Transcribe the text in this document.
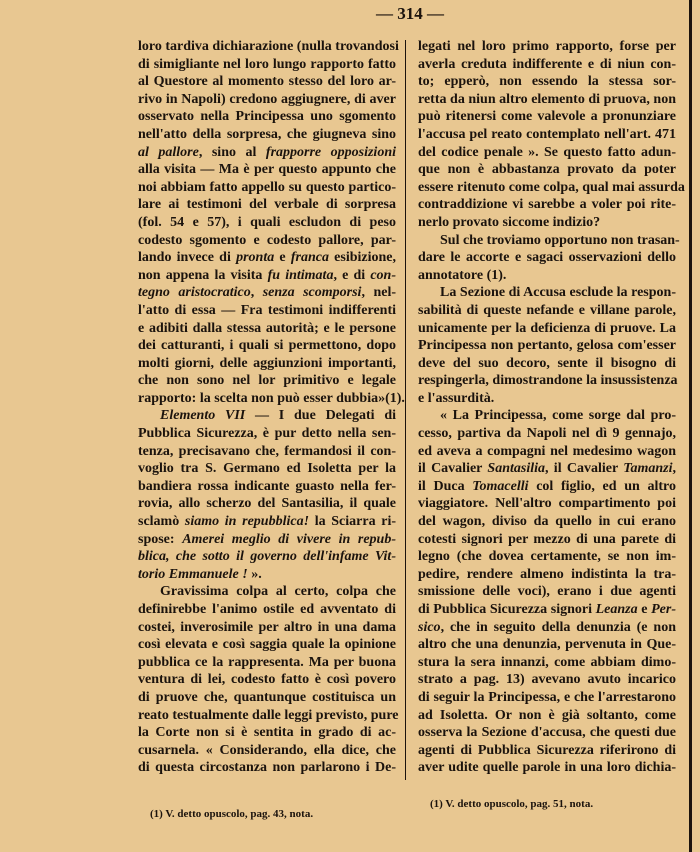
— 314 —
loro tardiva dichiarazione (nulla trovandosi
di simigliante nel loro lungo rapporto fatto
al Questore al momento stesso del loro ar-
rivo in Napoli) credono aggiugnere, di aver
osservato nella Principessa uno sgomento
nell'atto della sorpresa, che giugneva sino
al pallore, sino al frapporre opposizioni
alla visita — Ma è per questo appunto che
noi abbiam fatto appello su questo partico-
lare ai testimoni del verbale di sorpresa
(fol. 54 e 57), i quali escludon di peso
codesto sgomento e codesto pallore, par-
lando invece di pronta e franca esibizione,
non appena la visita fu intimata, e di con-
tegno aristocratico, senza scomporsi, nel-
l'atto di essa — Fra testimoni indifferenti
e adibiti dalla stessa autorità; e le persone
dei catturanti, i quali si permettono, dopo
molti giorni, delle aggiunzioni importanti,
che non sono nel lor primitivo e legale
rapporto: la scelta non può esser dubbia»(1).
Elemento VII — I due Delegati di
Pubblica Sicurezza, è pur detto nella sen-
tenza, precisavano che, fermandosi il con-
voglio tra S. Germano ed Isoletta per la
bandiera rossa indicante guasto nella fer-
rovia, allo scherzo del Santasilia, il quale
sclamò siamo in repubblica! la Sciarra ri-
spose: Amerei meglio di vivere in repub-
blica, che sotto il governo dell'infame Vit-
torio Emmanuele ! ».
Gravissima colpa al certo, colpa che
definirebbe l'animo ostile ed avventato di
costei, inverosimile per altro in una dama
così elevata e così saggia quale la opinione
pubblica ce la rappresenta. Ma per buona
ventura di lei, codesto fatto è così povero
di pruove che, quantunque costituisca un
reato testualmente dalle leggi previsto, pure
la Corte non si è sentita in grado di ac-
cusarnela. « Considerando, ella dice, che
di questa circostanza non parlarono i De-
legati nel loro primo rapporto, forse per
averla creduta indifferente e di niun con-
to; epperò, non essendo la stessa sor-
retta da niun altro elemento di pruova, non
può ritenersi come valevole a pronunziare
l'accusa pel reato contemplato nell'art. 471
del codice penale ». Se questo fatto adun-
que non è abbastanza provato da poter
essere ritenuto come colpa, qual mai assurda
contraddizione vi sarebbe a voler poi rite-
nerlo provato siccome indizio?
Sul che troviamo opportuno non trasan-
dare le accorte e sagaci osservazioni dello
annotatore (1).
La Sezione di Accusa esclude la respon-
sabilità di queste nefande e villane parole,
unicamente per la deficienza di pruove. La
Principessa non pertanto, gelosa com'esser
deve del suo decoro, sente il bisogno di
respingerla, dimostrandone la insussistenza
e l'assurdità.
« La Principessa, come sorge dal pro-
cesso, partiva da Napoli nel dì 9 gennajo,
ed aveva a compagni nel medesimo wagon
il Cavalier Santasilia, il Cavalier Tamanzi,
il Duca Tomacelli col figlio, ed un altro
viaggiatore. Nell'altro compartimento poi
del wagon, diviso da quello in cui erano
cotesti signori per mezzo di una parete di
legno (che dovea certamente, se non im-
pedire, rendere almeno indistinta la tra-
smissione delle voci), erano i due agenti
di Pubblica Sicurezza signori Leanza e Per-
sico, che in seguito della denunzia (e non
altro che una denunzia, pervenuta in Que-
stura la sera innanzi, come abbiam dimo-
strato a pag. 13) avevano avuto incarico
di seguir la Principessa, e che l'arrestarono
ad Isoletta. Or non è già soltanto, come
osserva la Sezione d'accusa, che questi due
agenti di Pubblica Sicurezza riferirono di
aver udite quelle parole in una loro dichia-
(1) V. detto opuscolo, pag. 43, nota.
(1) V. detto opuscolo, pag. 51, nota.
